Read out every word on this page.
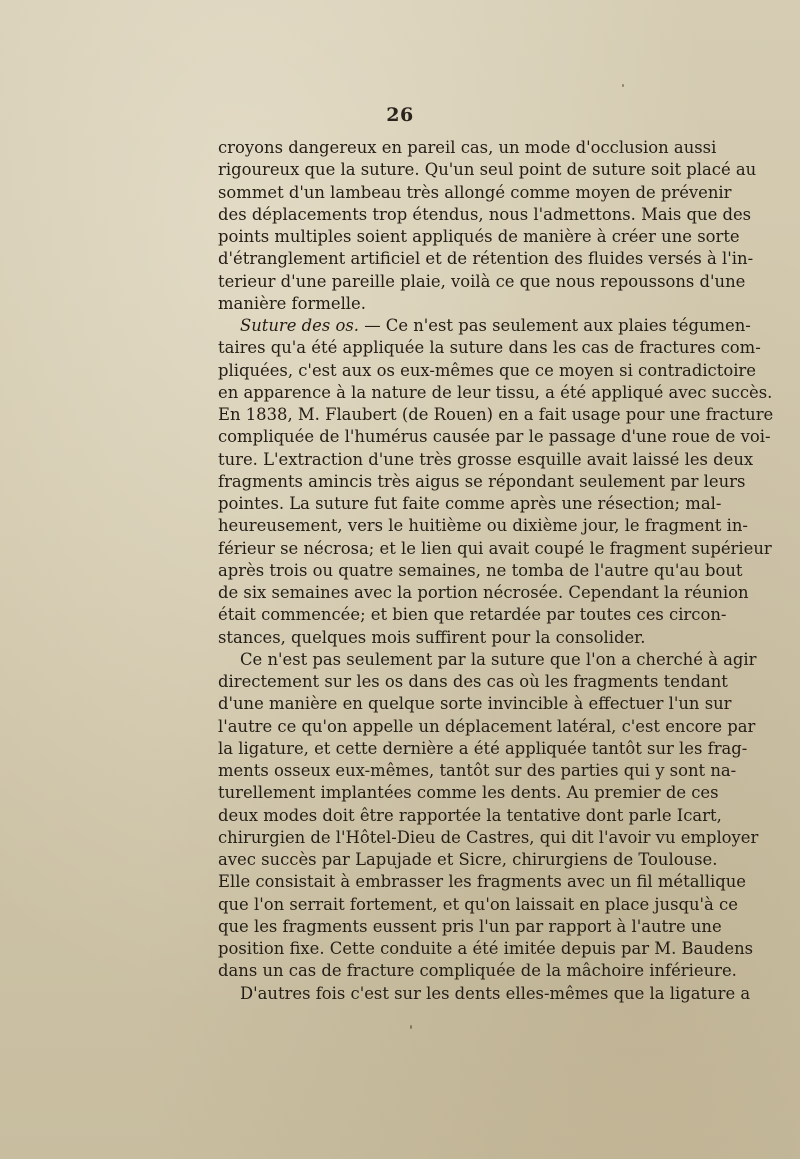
26
croyons dangereux en pareil cas, un mode d'occlusion aussi
rigoureux que la suture. Qu'un seul point de suture soit placé au
sommet d'un lambeau très allongé comme moyen de prévenir
des déplacements trop étendus, nous l'admettons. Mais que des
points multiples soient appliqués de manière à créer une sorte
d'étranglement artificiel et de rétention des fluides versés à l'in-
terieur d'une pareille plaie, voilà ce que nous repoussons d'une
manière formelle.
Suture des os. — Ce n'est pas seulement aux plaies tégumen-
taires qu'a été appliquée la suture dans les cas de fractures com-
pliquées, c'est aux os eux-mêmes que ce moyen si contradictoire
en apparence à la nature de leur tissu, a été appliqué avec succès.
En 1838, M. Flaubert (de Rouen) en a fait usage pour une fracture
compliquée de l'humérus causée par le passage d'une roue de voi-
ture. L'extraction d'une très grosse esquille avait laissé les deux
fragments amincis très aigus se répondant seulement par leurs
pointes. La suture fut faite comme après une résection; mal-
heureusement, vers le huitième ou dixième jour, le fragment in-
férieur se nécrosa; et le lien qui avait coupé le fragment supérieur
après trois ou quatre semaines, ne tomba de l'autre qu'au bout
de six semaines avec la portion nécrosée. Cependant la réunion
était commencée; et bien que retardée par toutes ces circon-
stances, quelques mois suffirent pour la consolider.
Ce n'est pas seulement par la suture que l'on a cherché à agir
directement sur les os dans des cas où les fragments tendant
d'une manière en quelque sorte invincible à effectuer l'un sur
l'autre ce qu'on appelle un déplacement latéral, c'est encore par
la ligature, et cette dernière a été appliquée tantôt sur les frag-
ments osseux eux-mêmes, tantôt sur des parties qui y sont na-
turellement implantées comme les dents. Au premier de ces
deux modes doit être rapportée la tentative dont parle Icart,
chirurgien de l'Hôtel-Dieu de Castres, qui dit l'avoir vu employer
avec succès par Lapujade et Sicre, chirurgiens de Toulouse.
Elle consistait à embrasser les fragments avec un fil métallique
que l'on serrait fortement, et qu'on laissait en place jusqu'à ce
que les fragments eussent pris l'un par rapport à l'autre une
position fixe. Cette conduite a été imitée depuis par M. Baudens
dans un cas de fracture compliquée de la mâchoire inférieure.
D'autres fois c'est sur les dents elles-mêmes que la ligature a
